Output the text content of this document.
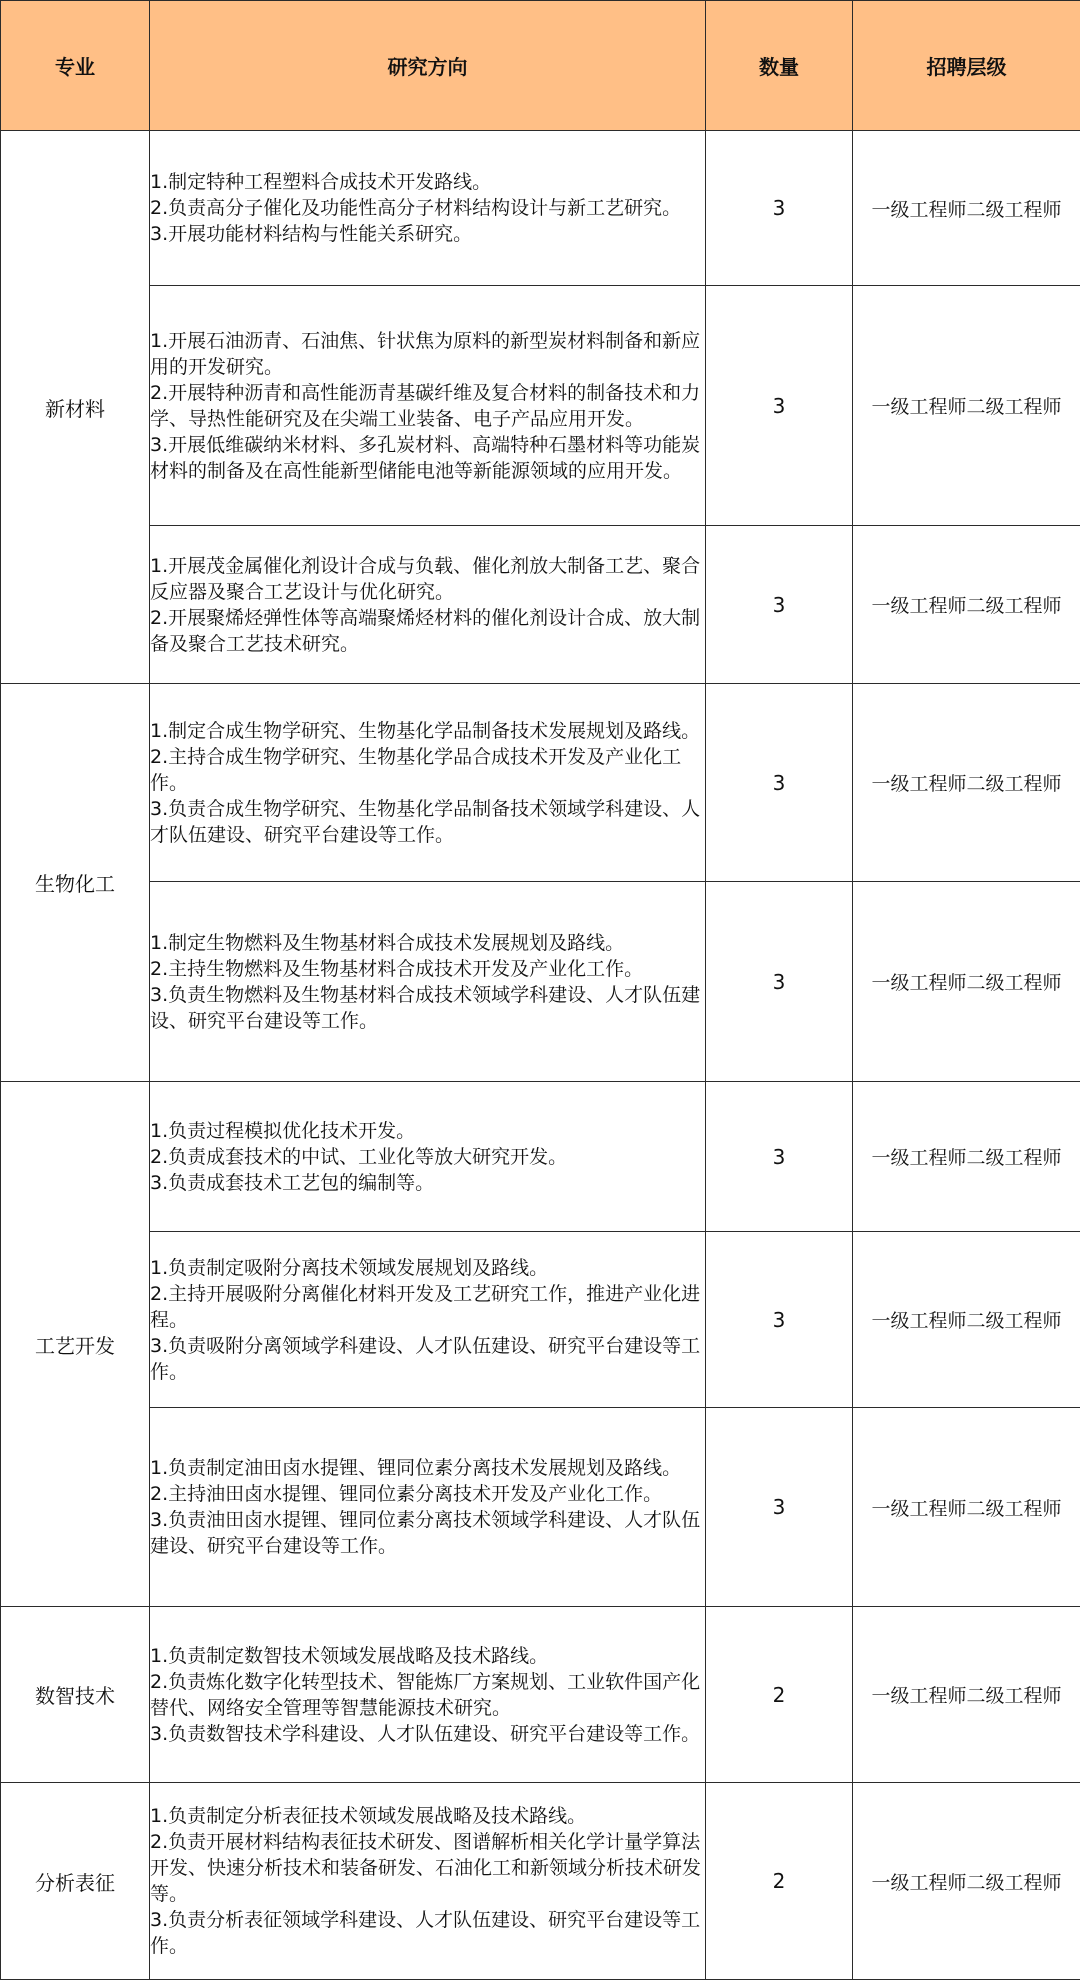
专业	研究方向	数量	招聘层级
新材料	1.制定特种工程塑料合成技术开发路线。
2.负责高分子催化及功能性高分子材料结构设计与新工艺研究。
3.开展功能材料结构与性能关系研究。	3	一级工程师二级工程师

	1.开展石油沥青、石油焦、针状焦为原料的新型炭材料制备和新应用的开发研究。
2.开展特种沥青和高性能沥青基碳纤维及复合材料的制备技术和力学、导热性能研究及在尖端工业装备、电子产品应用开发。
3.开展低维碳纳米材料、多孔炭材料、高端特种石墨材料等功能炭材料的制备及在高性能新型储能电池等新能源领域的应用开发。	3	一级工程师二级工程师

	1.开展茂金属催化剂设计合成与负载、催化剂放大制备工艺、聚合反应器及聚合工艺设计与优化研究。
2.开展聚烯烃弹性体等高端聚烯烃材料的催化剂设计合成、放大制备及聚合工艺技术研究。	3	一级工程师二级工程师
生物化工	1.制定合成生物学研究、生物基化学品制备技术发展规划及路线。
2.主持合成生物学研究、生物基化学品合成技术开发及产业化工作。
3.负责合成生物学研究、生物基化学品制备技术领域学科建设、人才队伍建设、研究平台建设等工作。	3	一级工程师二级工程师

	1.制定生物燃料及生物基材料合成技术发展规划及路线。
2.主持生物燃料及生物基材料合成技术开发及产业化工作。
3.负责生物燃料及生物基材料合成技术领域学科建设、人才队伍建设、研究平台建设等工作。	3	一级工程师二级工程师
工艺开发	1.负责过程模拟优化技术开发。
2.负责成套技术的中试、工业化等放大研究开发。
3.负责成套技术工艺包的编制等。	3	一级工程师二级工程师

	1.负责制定吸附分离技术领域发展规划及路线。
2.主持开展吸附分离催化材料开发及工艺研究工作，推进产业化进程。
3.负责吸附分离领域学科建设、人才队伍建设、研究平台建设等工作。	3	一级工程师二级工程师

	1.负责制定油田卤水提锂、锂同位素分离技术发展规划及路线。
2.主持油田卤水提锂、锂同位素分离技术开发及产业化工作。
3.负责油田卤水提锂、锂同位素分离技术领域学科建设、人才队伍建设、研究平台建设等工作。	3	一级工程师二级工程师
数智技术	1.负责制定数智技术领域发展战略及技术路线。
2.负责炼化数字化转型技术、智能炼厂方案规划、工业软件国产化替代、网络安全管理等智慧能源技术研究。
3.负责数智技术学科建设、人才队伍建设、研究平台建设等工作。	2	一级工程师二级工程师
分析表征	1.负责制定分析表征技术领域发展战略及技术路线。
2.负责开展材料结构表征技术研发、图谱解析相关化学计量学算法开发、快速分析技术和装备研发、石油化工和新领域分析技术研发等。
3.负责分析表征领域学科建设、人才队伍建设、研究平台建设等工作。	2	一级工程师二级工程师
